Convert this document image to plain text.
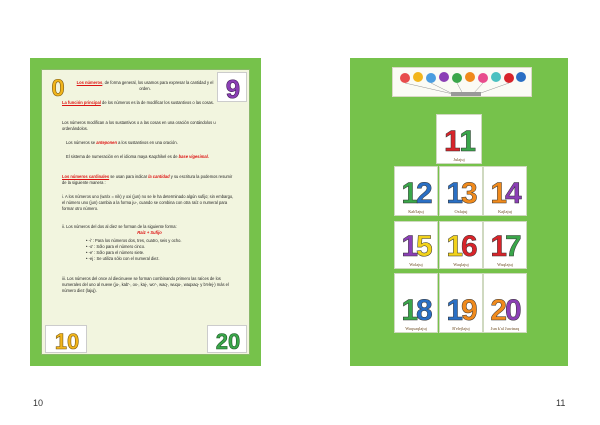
0	9
Los números, de forma general, los usamos para expresar la cantidad y el orden.
La función principal de los números es la de modificar los sustantivos o las cosas.
Los números modifican a los sustantivos o a las cosas en una oración contándolos u ordenándolos.
Los números se anteponen a los sustantivos en una oración.
El sistema de numeración en el idioma maya Kaqchikel es de base vigesimal.
Los números cardinales se usan para indicar la cantidad y su escritura la podemos resumir de la siguiente manera :
i. A los números uno (wa'ix = nik) y oxi (jun) no se le ha determinado algún sufijo; sin embargo, el número uno (jun) cambia a la forma ju-, cuando se combina con otra raíz o numeral para formar otro número.
ii. Los números del dos al diez se forman de la siguiente forma:
Raíz + Sufijo
• -i' : Para los números dos, tres, cuatro, seis y ocho.
• -o' : Sólo para el número cinco.
• -e' : Sólo para el número siete.
• -ej : Se utiliza sólo con el numeral diez.
iii. Los números del once al diecinueve se forman combinando primero las raíces de los numerales del uno al nueve (ju-, kab'-, ox-, kaj-, wo'-, waq-, wuqu-, waqxaq- y b'elej-) más el número diez (lajuj).
10	20
1
1
Julajuj
1
2
Kab'lajuj
1
3
Oxlajuj
1
4
Kajlajuj
1
5
Wolajuj
1
6
Waqlajuj
1
7
Wuqlajuj
1
8
Waqxaqlajuj
1
9
B'elejlajuj
2
0
Jun k'al Juwinaq
10	11
